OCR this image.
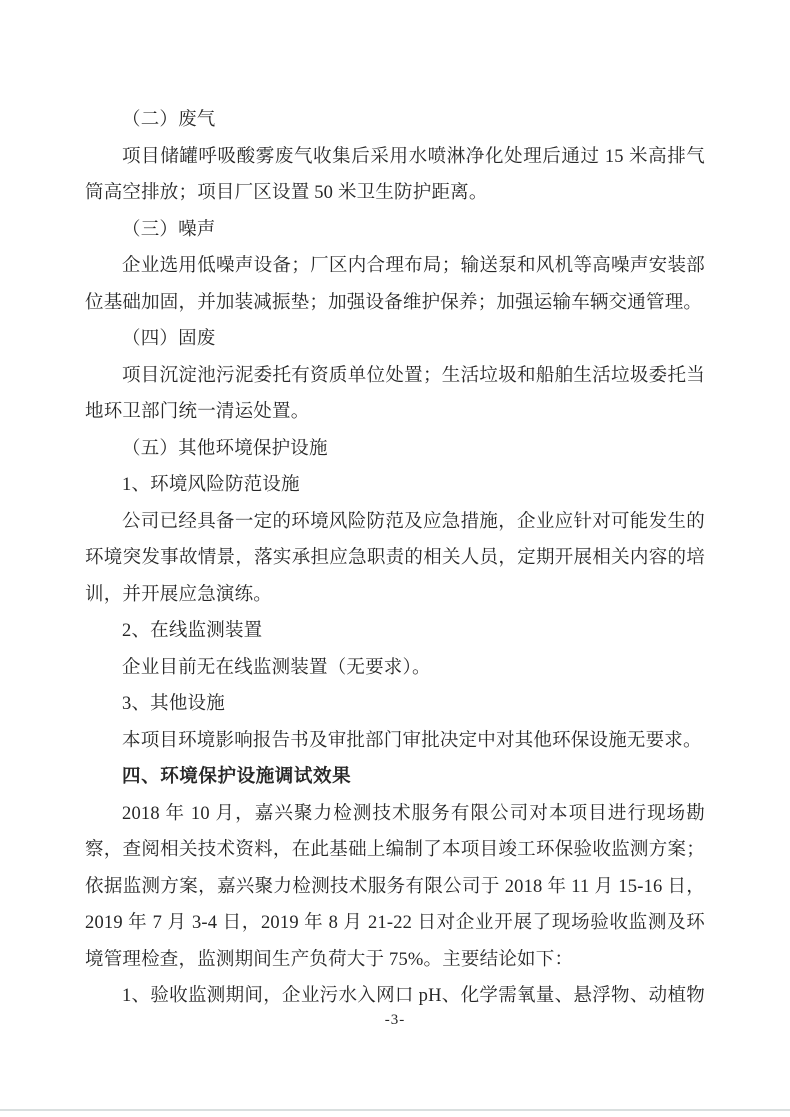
（二）废气

项目储罐呼吸酸雾废气收集后采用水喷淋净化处理后通过 15 米高排气筒高空排放；项目厂区设置 50 米卫生防护距离。

（三）噪声

企业选用低噪声设备；厂区内合理布局；输送泵和风机等高噪声安装部位基础加固，并加装减振垫；加强设备维护保养；加强运输车辆交通管理。

（四）固废

项目沉淀池污泥委托有资质单位处置；生活垃圾和船舶生活垃圾委托当地环卫部门统一清运处置。

（五）其他环境保护设施

1、环境风险防范设施

公司已经具备一定的环境风险防范及应急措施，企业应针对可能发生的环境突发事故情景，落实承担应急职责的相关人员，定期开展相关内容的培训，并开展应急演练。

2、在线监测装置

企业目前无在线监测装置（无要求）。

3、其他设施

本项目环境影响报告书及审批部门审批决定中对其他环保设施无要求。

四、环境保护设施调试效果

2018 年 10 月，嘉兴聚力检测技术服务有限公司对本项目进行现场勘察，查阅相关技术资料，在此基础上编制了本项目竣工环保验收监测方案；依据监测方案，嘉兴聚力检测技术服务有限公司于 2018 年 11 月 15-16 日，2019 年 7 月 3-4 日，2019 年 8 月 21-22 日对企业开展了现场验收监测及环境管理检查，监测期间生产负荷大于 75%。主要结论如下：

1、验收监测期间，企业污水入网口 pH、化学需氧量、悬浮物、动植物

-3-
